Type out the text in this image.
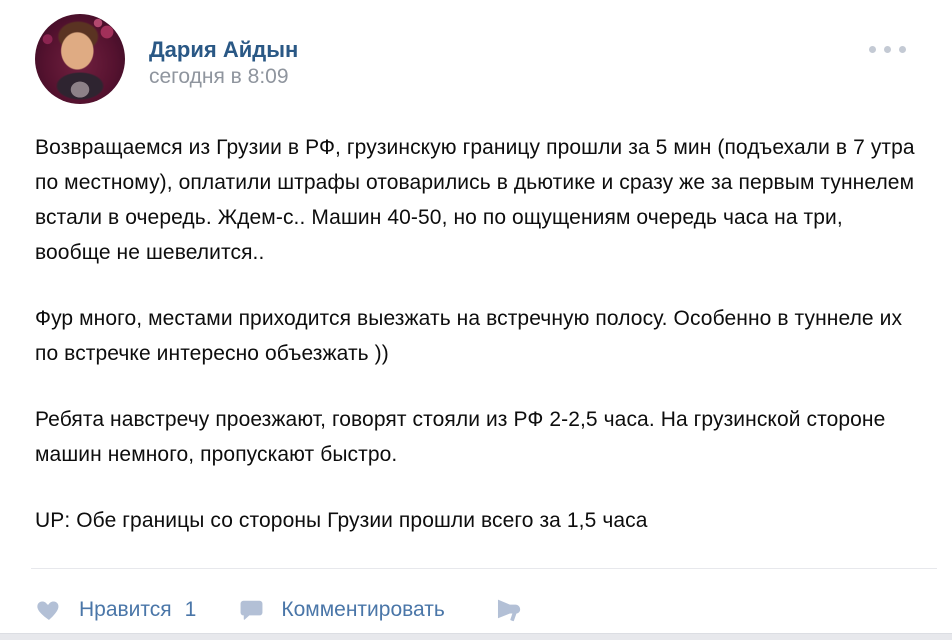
Дария Айдын
сегодня в 8:09

Возвращаемся из Грузии в РФ, грузинскую границу прошли за 5 мин (подъехали в 7 утра по местному), оплатили штрафы отоварились в дьютике и сразу же за первым туннелем встали в очередь. Ждем-с.. Машин 40-50, но по ощущениям очередь часа на три, вообще не шевелится..

Фур много, местами приходится выезжать на встречную полосу. Особенно в туннеле их по встречке интересно объезжать ))

Ребята навстречу проезжают, говорят стояли из РФ 2-2,5 часа. На грузинской стороне машин немного, пропускают быстро.

UP: Обе границы со стороны Грузии прошли всего за 1,5 часа

Нравится 1	Комментировать
